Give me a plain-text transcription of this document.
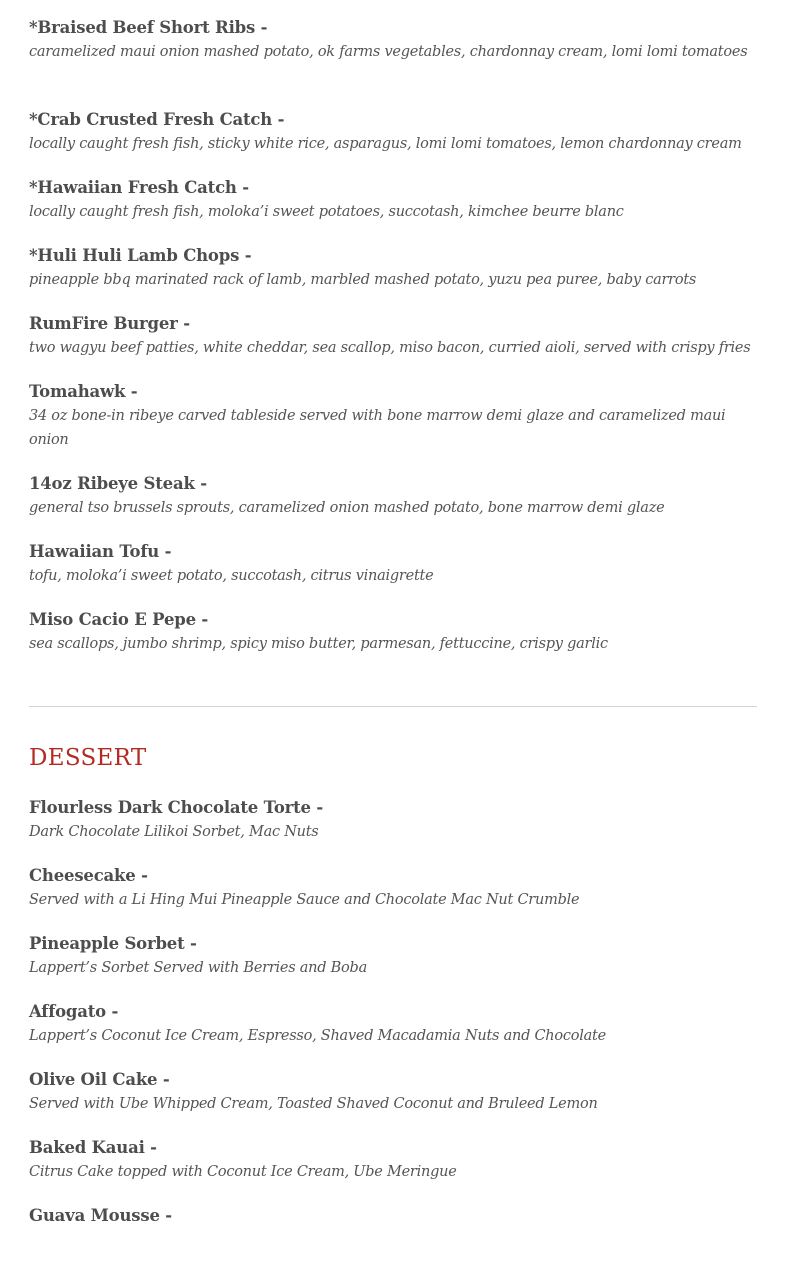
*Braised Beef Short Ribs -
caramelized maui onion mashed potato, ok farms vegetables, chardonnay cream, lomi lomi tomatoes
*Crab Crusted Fresh Catch -
locally caught fresh fish, sticky white rice, asparagus, lomi lomi tomatoes, lemon chardonnay cream
*Hawaiian Fresh Catch -
locally caught fresh fish, moloka’i sweet potatoes, succotash, kimchee beurre blanc
*Huli Huli Lamb Chops -
pineapple bbq marinated rack of lamb, marbled mashed potato, yuzu pea puree, baby carrots
RumFire Burger -
two wagyu beef patties, white cheddar, sea scallop, miso bacon, curried aioli, served with crispy fries
Tomahawk -
34 oz bone-in ribeye carved tableside served with bone marrow demi glaze and caramelized maui onion
14oz Ribeye Steak -
general tso brussels sprouts, caramelized onion mashed potato, bone marrow demi glaze
Hawaiian Tofu -
tofu, moloka’i sweet potato, succotash, citrus vinaigrette
Miso Cacio E Pepe -
sea scallops, jumbo shrimp, spicy miso butter, parmesan, fettuccine, crispy garlic
DESSERT
Flourless Dark Chocolate Torte -
Dark Chocolate Lilikoi Sorbet, Mac Nuts
Cheesecake -
Served with a Li Hing Mui Pineapple Sauce and Chocolate Mac Nut Crumble
Pineapple Sorbet -
Lappert’s Sorbet Served with Berries and Boba
Affogato -
Lappert’s Coconut Ice Cream, Espresso, Shaved Macadamia Nuts and Chocolate
Olive Oil Cake -
Served with Ube Whipped Cream, Toasted Shaved Coconut and Bruleed Lemon
Baked Kauai -
Citrus Cake topped with Coconut Ice Cream, Ube Meringue
Guava Mousse -
